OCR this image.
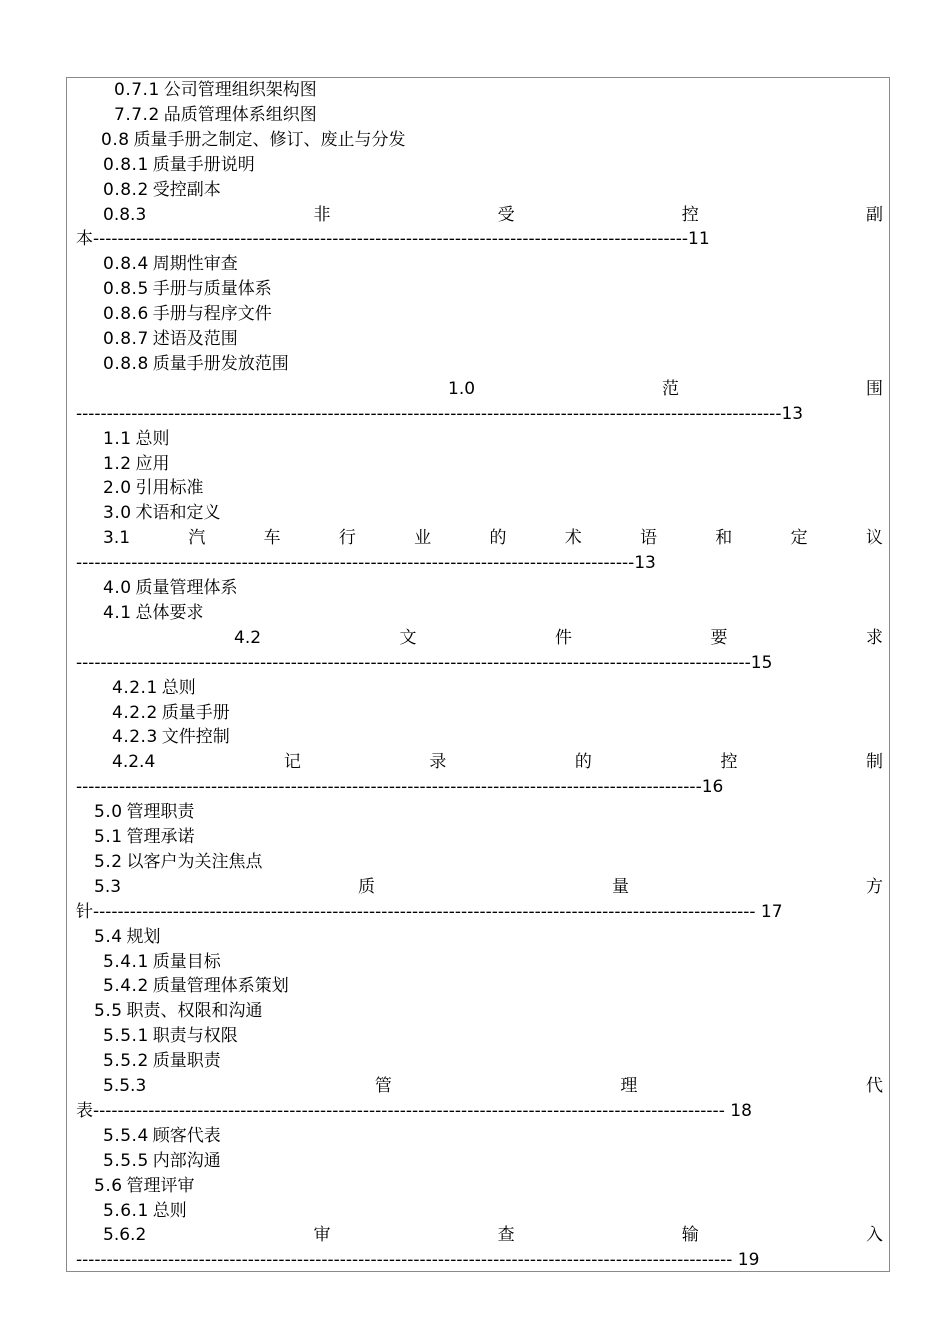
0.7.1 公司管理组织架构图
7.7.2 品质管理体系组织图
0.8质量手册之制定、修订、废止与分发
0.8.1 质量手册说明
0.8.2 受控副本
0.8.3	非	受	控	副
本-------------------------------------------------------------------------------------------------11
0.8.4 周期性审查
0.8.5 手册与质量体系
0.8.6 手册与程序文件
0.8.7 述语及范围
0.8.8 质量手册发放范围
1.0	范	围
-------------------------------------------------------------------------------------------------------------------13
1.1 总则
1.2 应用
2.0引用标准
3.0术语和定义
3.1	汽	车	行	业	的	术	语	和	定	议
-------------------------------------------------------------------------------------------13
4.0质量管理体系
4.1 总体要求
4.2	文	件	要	求
--------------------------------------------------------------------------------------------------------------15
4.2.1 总则
4.2.2 质量手册
4.2.3 文件控制
4.2.4	记	录	的	控	制
------------------------------------------------------------------------------------------------------16
5.0管理职责
5.1 管理承诺
5.2 以客户为关注焦点
5.3	质	量	方
针------------------------------------------------------------------------------------------------------------ 17
5.4 规划
5.4.1 质量目标
5.4.2 质量管理体系策划
5.5 职责、权限和沟通
5.5.1 职责与权限
5.5.2 质量职责
5.5.3	管	理	代
表------------------------------------------------------------------------------------------------------- 18
5.5.4顾客代表
5.5.5内部沟通
5.6 管理评审
5.6.1 总则
5.6.2	审	查	输	入
----------------------------------------------------------------------------------------------------------- 19
